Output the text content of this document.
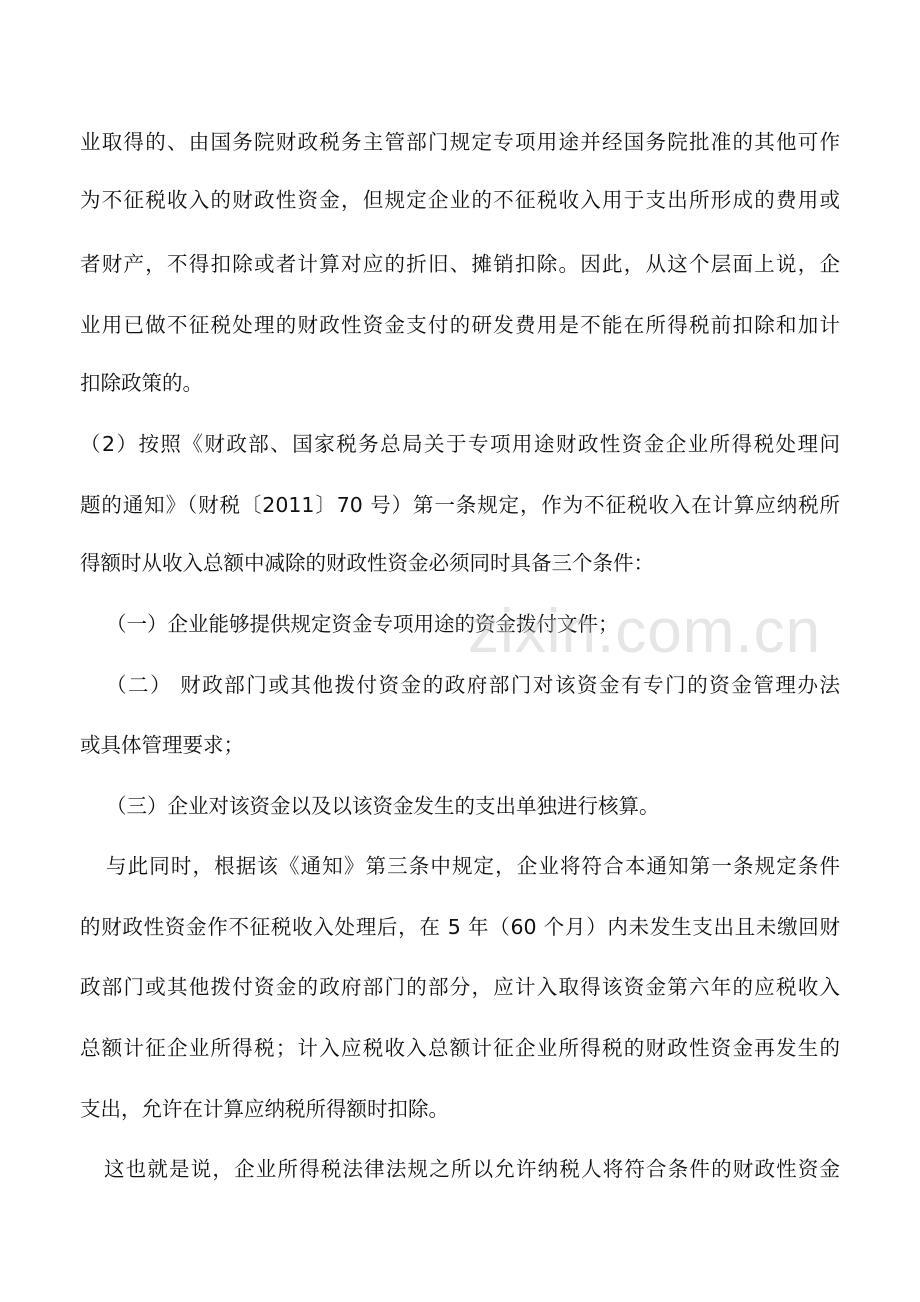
业取得的、由国务院财政税务主管部门规定专项用途并经国务院批准的其他可作
为不征税收入的财政性资金，但规定企业的不征税收入用于支出所形成的费用或
者财产，不得扣除或者计算对应的折旧、摊销扣除。因此，从这个层面上说，企
业用已做不征税处理的财政性资金支付的研发费用是不能在所得税前扣除和加计
扣除政策的。
（2）按照《财政部、国家税务总局关于专项用途财政性资金企业所得税处理问
题的通知》（财税〔2011〕70 号）第一条规定，作为不征税收入在计算应纳税所
得额时从收入总额中减除的财政性资金必须同时具备三个条件：
（一）企业能够提供规定资金专项用途的资金拨付文件；
（二） 财政部门或其他拨付资金的政府部门对该资金有专门的资金管理办法
或具体管理要求；
（三）企业对该资金以及以该资金发生的支出单独进行核算。
与此同时，根据该《通知》第三条中规定，企业将符合本通知第一条规定条件
的财政性资金作不征税收入处理后，在 5 年（60 个月）内未发生支出且未缴回财
政部门或其他拨付资金的政府部门的部分，应计入取得该资金第六年的应税收入
总额计征企业所得税；计入应税收入总额计征企业所得税的财政性资金再发生的
支出，允许在计算应纳税所得额时扣除。
这也就是说，企业所得税法律法规之所以允许纳税人将符合条件的财政性资金
zixin.com.cn
